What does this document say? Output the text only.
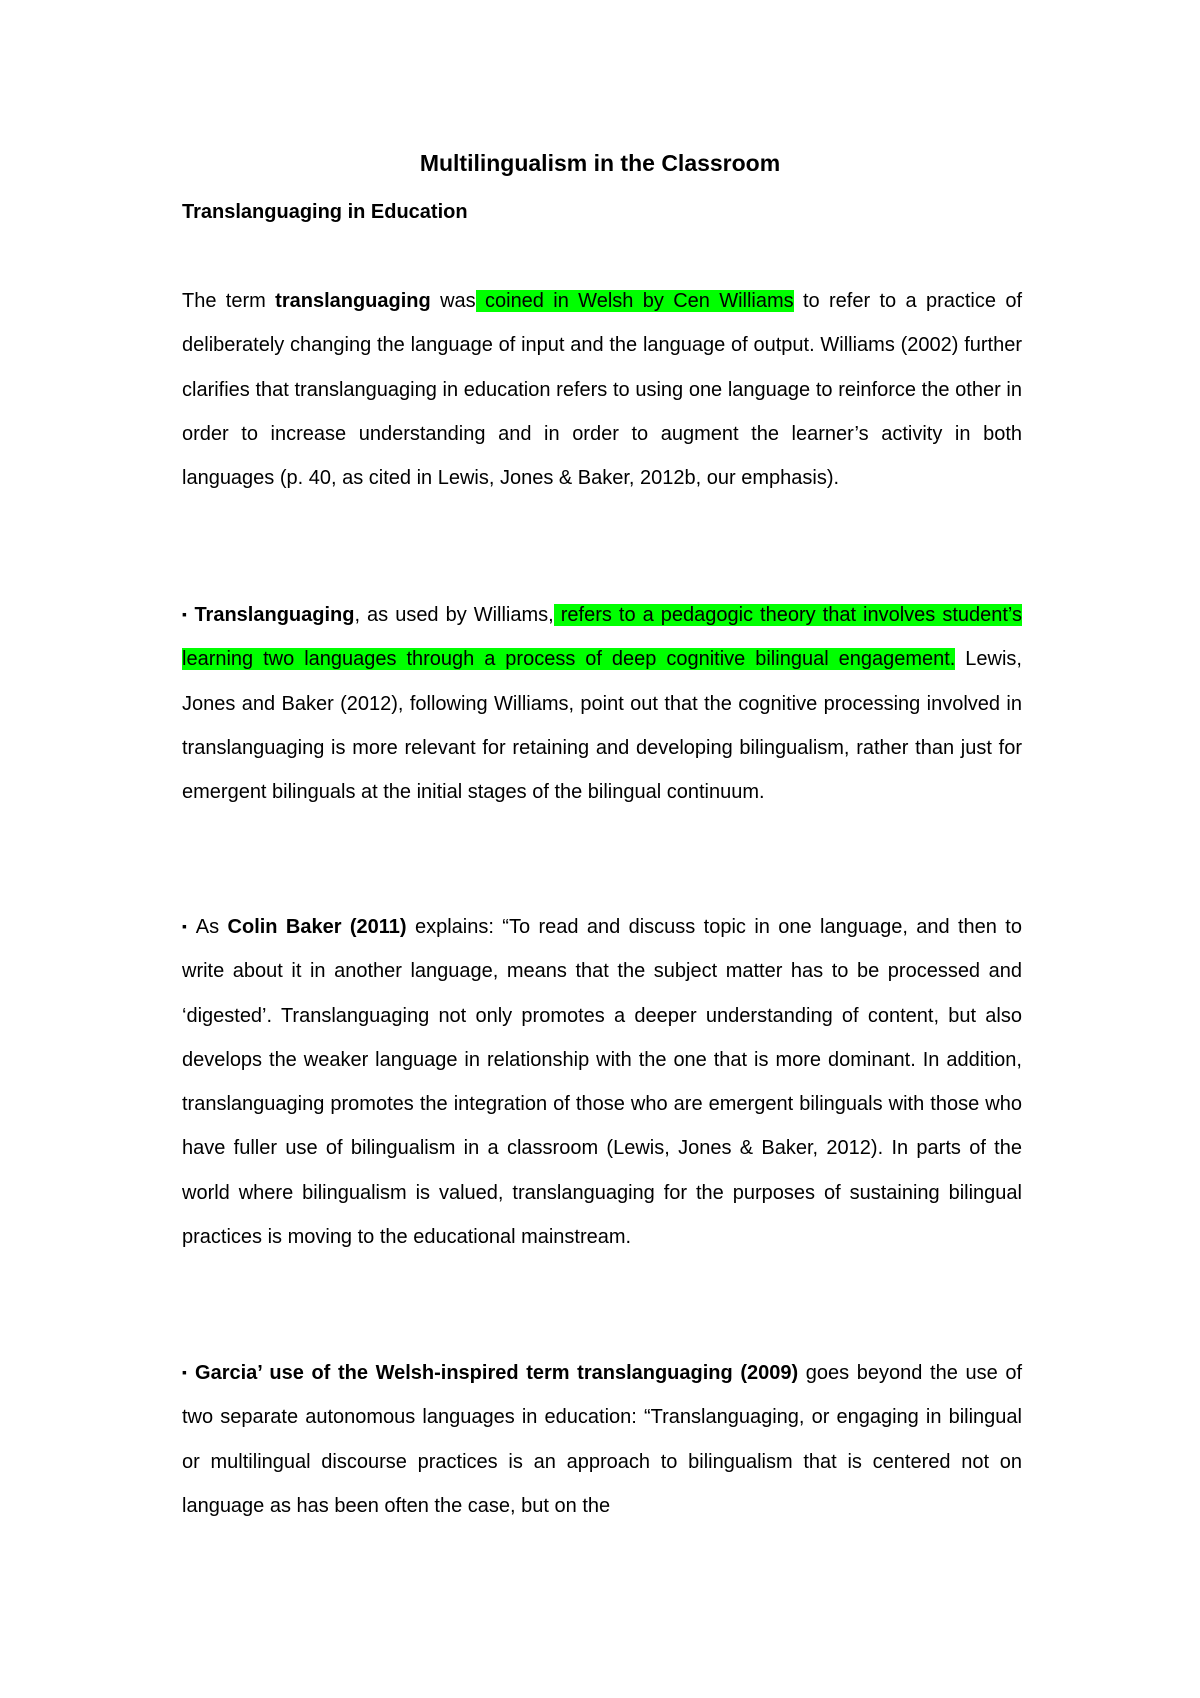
Multilingualism in the Classroom
Translanguaging in Education

The term translanguaging was coined in Welsh by Cen Williams to refer to a practice of deliberately changing the language of input and the language of output. Williams (2002) further clarifies that translanguaging in education refers to using one language to reinforce the other in order to increase understanding and in order to augment the learner’s activity in both languages (p. 40, as cited in Lewis, Jones & Baker, 2012b, our emphasis).

▪ Translanguaging, as used by Williams, refers to a pedagogic theory that involves student’s learning two languages through a process of deep cognitive bilingual engagement. Lewis, Jones and Baker (2012), following Williams, point out that the cognitive processing involved in translanguaging is more relevant for retaining and developing bilingualism, rather than just for emergent bilinguals at the initial stages of the bilingual continuum.

▪ As Colin Baker (2011) explains: “To read and discuss topic in one language, and then to write about it in another language, means that the subject matter has to be processed and ‘digested’. Translanguaging not only promotes a deeper understanding of content, but also develops the weaker language in relationship with the one that is more dominant. In addition, translanguaging promotes the integration of those who are emergent bilinguals with those who have fuller use of bilingualism in a classroom (Lewis, Jones & Baker, 2012). In parts of the world where bilingualism is valued, translanguaging for the purposes of sustaining bilingual practices is moving to the educational mainstream.

▪ Garcia’ use of the Welsh-inspired term translanguaging (2009) goes beyond the use of two separate autonomous languages in education: “Translanguaging, or engaging in bilingual or multilingual discourse practices is an approach to bilingualism that is centered not on language as has been often the case, but on the
